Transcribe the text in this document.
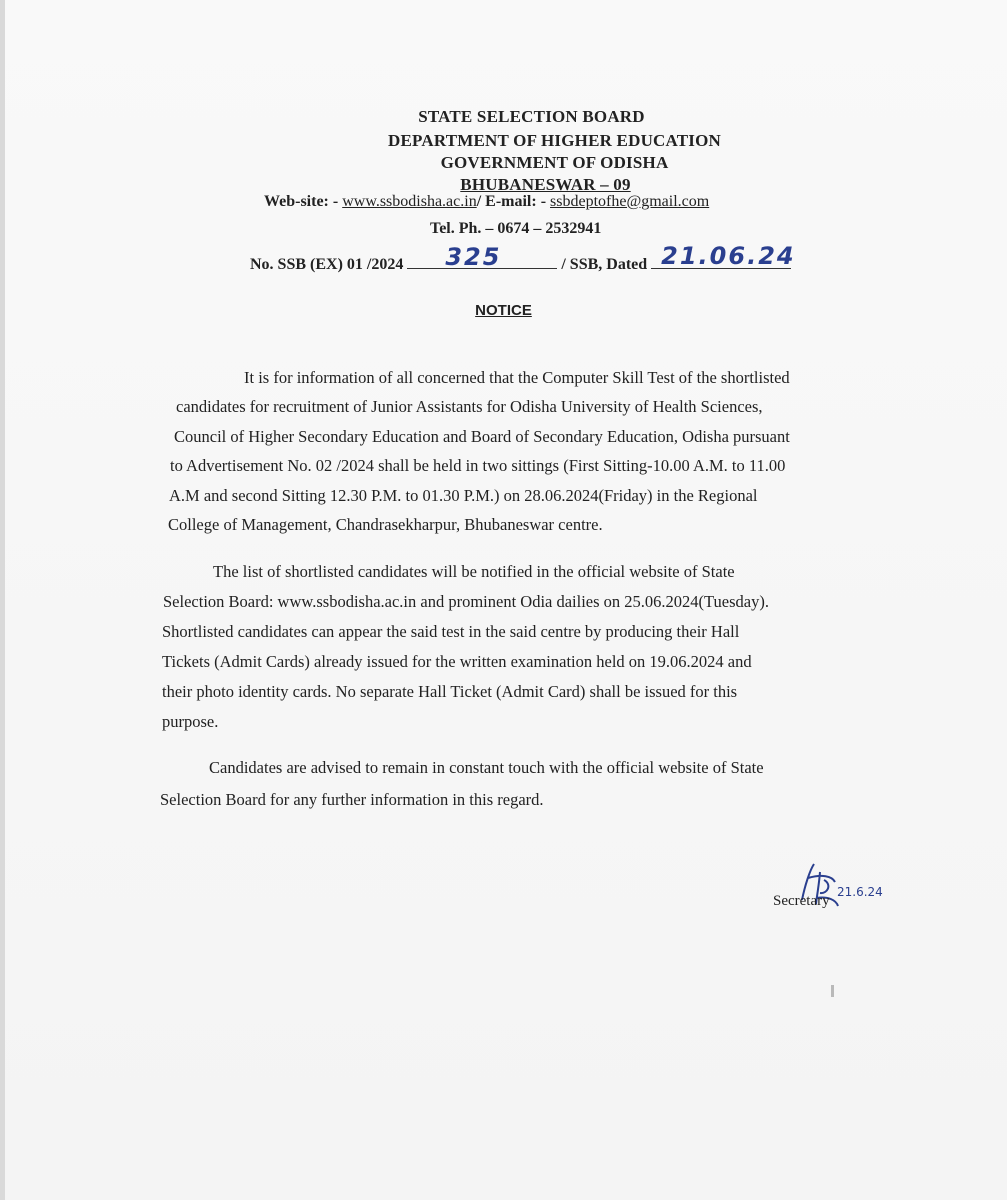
STATE SELECTION BOARD
DEPARTMENT OF HIGHER EDUCATION
GOVERNMENT OF ODISHA
BHUBANESWAR – 09
Web-site: - www.ssbodisha.ac.in/ E-mail: - ssbdeptofhe@gmail.com
Tel. Ph. – 0674 – 2532941
No. SSB (EX) 01 /2024 325	/ SSB, Dated 21.06.24
NOTICE
It is for information of all concerned that the Computer Skill Test of the shortlisted
candidates for recruitment of Junior Assistants for Odisha University of Health Sciences,
Council of Higher Secondary Education and Board of Secondary Education, Odisha pursuant
to Advertisement No. 02 /2024 shall be held in two sittings (First Sitting-10.00 A.M. to 11.00
A.M and second Sitting 12.30 P.M. to 01.30 P.M.) on 28.06.2024(Friday) in the Regional
College of Management, Chandrasekharpur, Bhubaneswar centre.
The list of shortlisted candidates will be notified in the official website of State
Selection Board: www.ssbodisha.ac.in and prominent Odia dailies on 25.06.2024(Tuesday).
Shortlisted candidates can appear the said test in the said centre by producing their Hall
Tickets (Admit Cards) already issued for the written examination held on 19.06.2024 and
their photo identity cards. No separate Hall Ticket (Admit Card) shall be issued for this
purpose.
Candidates are advised to remain in constant touch with the official website of State
Selection Board for any further information in this regard.
Secretary
21.6.24
